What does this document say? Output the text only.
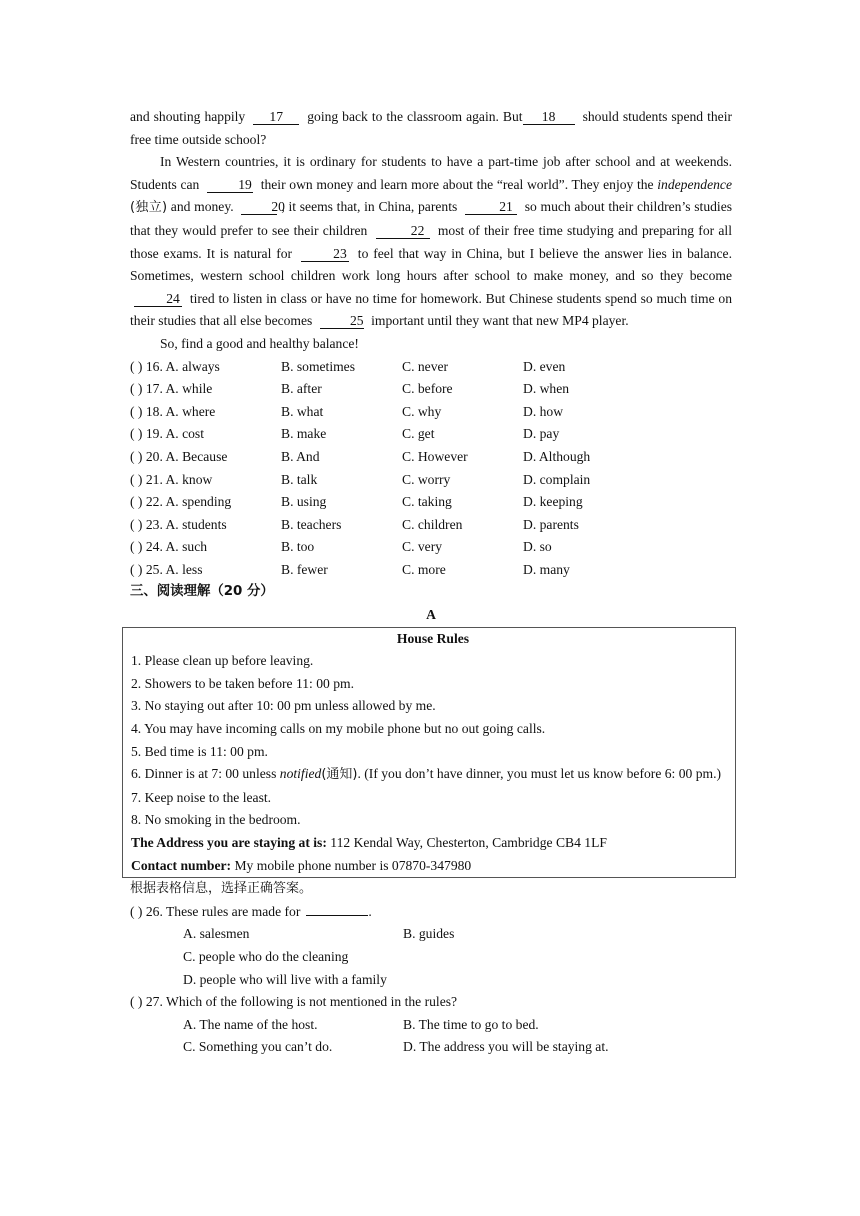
and shouting happily 17 going back to the classroom again. But 18 should students spend their free time outside school?

In Western countries, it is ordinary for students to have a part-time job after school and at weekends. Students can	19 their own money and learn more about the “real world”. They enjoy the independence (独立) and money.	20, it seems that, in China, parents	21 so much about their children’s studies that they would prefer to see their children	22 most of their free time studying and preparing for all those exams. It is natural for	23 to feel that way in China, but I believe the answer lies in balance. Sometimes, western school children work long hours after school to make money, and so they become 24 tired to listen in class or have no time for homework. But Chinese students spend so much time on their studies that all else becomes	25 important until they want that new MP4 player.

So, find a good and healthy balance!

( ) 16. A. always	B. sometimes	C. never	D. even
( ) 17. A. while	B. after	C. before	D. when
( ) 18. A. where	B. what	C. why	D. how
( ) 19. A. cost	B. make	C. get	D. pay
( ) 20. A. Because	B. And	C. However	D. Although
( ) 21. A. know	B. talk	C. worry	D. complain
( ) 22. A. spending	B. using	C. taking	D. keeping
( ) 23. A. students	B. teachers	C. children	D. parents
( ) 24. A. such	B. too	C. very	D. so
( ) 25. A. less	B. fewer	C. more	D. many

三、阅读理解（20 分）

A

House Rules

1. Please clean up before leaving.

2. Showers to be taken before 11: 00 pm.

3. No staying out after 10: 00 pm unless allowed by me.

4. You may have incoming calls on my mobile phone but no out going calls.

5. Bed time is 11: 00 pm.

6. Dinner is at 7: 00 unless notified(通知). (If you don’t have dinner, you must let us know before 6: 00 pm.)

7. Keep noise to the least.

8. No smoking in the bedroom.

The Address you are staying at is: 112 Kendal Way, Chesterton, Cambridge CB4 1LF

Contact number: My mobile phone number is 07870-347980

根据表格信息，选择正确答案。

( ) 26. These rules are made for	.

A. salesmen	B. guides
C. people who do the cleaning
D. people who will live with a family

( ) 27. Which of the following is not mentioned in the rules?

A. The name of the host.	B. The time to go to bed.
C. Something you can’t do.	D. The address you will be staying at.
